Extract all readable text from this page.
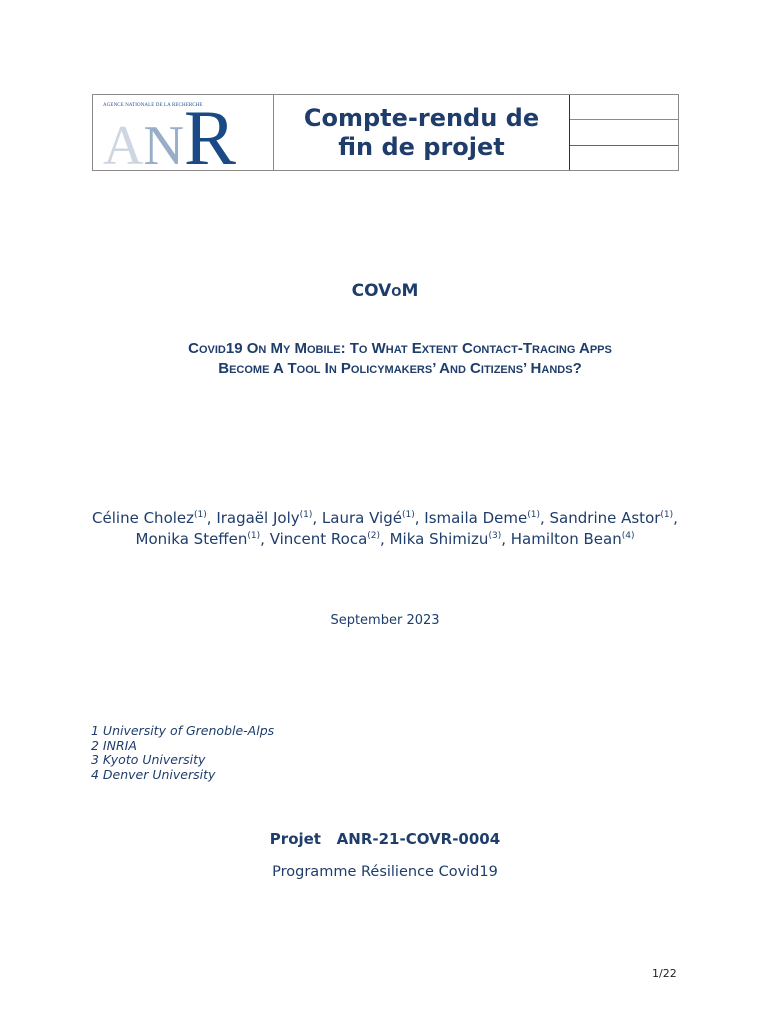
AGENCE NATIONALE DE LA RECHERCHE
ANR	Compte-rendu de
fin de projet
COVOM
Covid19 On My Mobile: To What Extent Contact-Tracing Apps
Become A Tool In Policymakers’ And Citizens’ Hands?
Céline Cholez$^{(1)}$, Iragaël Joly$^{(1)}$, Laura Vigé$^{(1)}$, Ismaila Deme$^{(1)}$, Sandrine Astor$^{(1)}$, Monika Steffen$^{(1)}$, Vincent Roca$^{(2)}$, Mika Shimizu$^{(3)}$, Hamilton Bean$^{(4)}$
September 2023
1 University of Grenoble-Alps
2 INRIA
3 Kyoto University
4 Denver University
Projet ANR-21-COVR-0004
Programme Résilience Covid19
1/22
